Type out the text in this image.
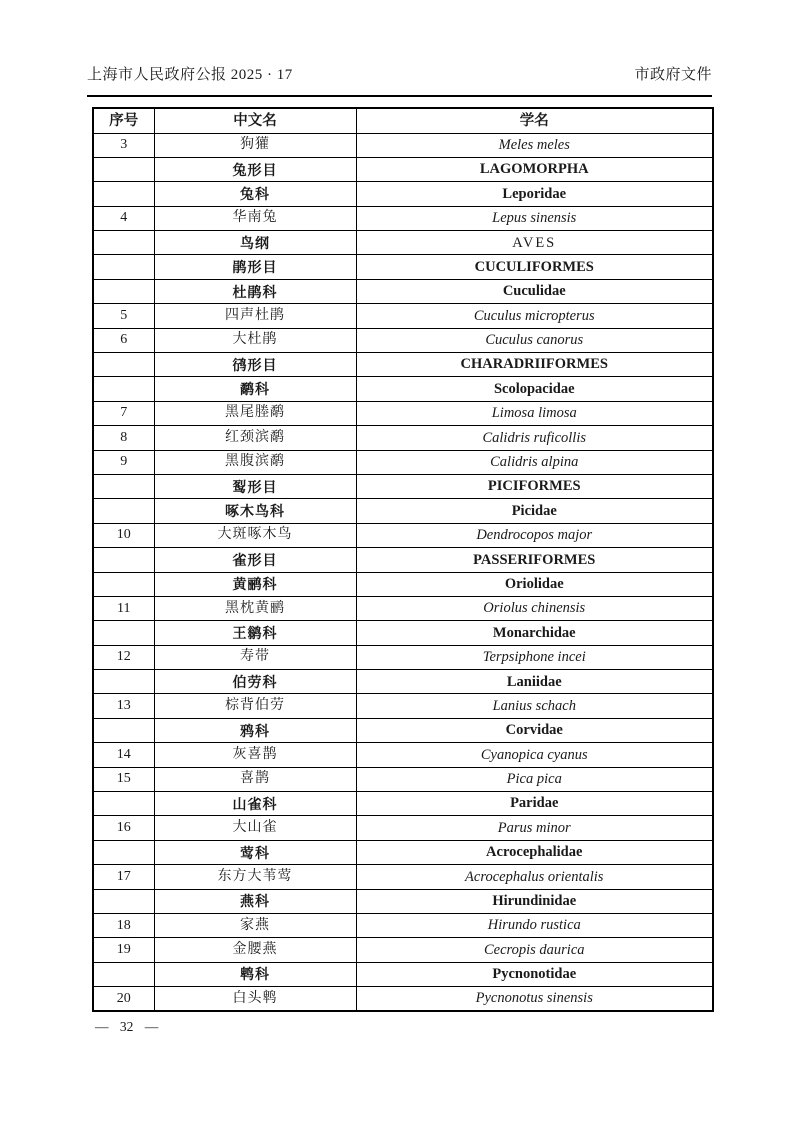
上海市人民政府公报 2025 · 17	市政府文件
序号	中文名	学名
3	狗獾	Meles meles
	兔形目	LAGOMORPHA
	兔科	Leporidae
4	华南兔	Lepus sinensis
	鸟纲	AVES
	鹃形目	CUCULIFORMES
	杜鹃科	Cuculidae
5	四声杜鹃	Cuculus micropterus
6	大杜鹃	Cuculus canorus
	鸻形目	CHARADRIIFORMES
	鹬科	Scolopacidae
7	黑尾塍鹬	Limosa limosa
8	红颈滨鹬	Calidris ruficollis
9	黑腹滨鹬	Calidris alpina
	䴕形目	PICIFORMES
	啄木鸟科	Picidae
10	大斑啄木鸟	Dendrocopos major
	雀形目	PASSERIFORMES
	黄鹂科	Oriolidae
11	黑枕黄鹂	Oriolus chinensis
	王鹟科	Monarchidae
12	寿带	Terpsiphone incei
	伯劳科	Laniidae
13	棕背伯劳	Lanius schach
	鸦科	Corvidae
14	灰喜鹊	Cyanopica cyanus
15	喜鹊	Pica pica
	山雀科	Paridae
16	大山雀	Parus minor
	莺科	Acrocephalidae
17	东方大苇莺	Acrocephalus orientalis
	燕科	Hirundinidae
18	家燕	Hirundo rustica
19	金腰燕	Cecropis daurica
	鹎科	Pycnonotidae
20	白头鹎	Pycnonotus sinensis
— 32 —
